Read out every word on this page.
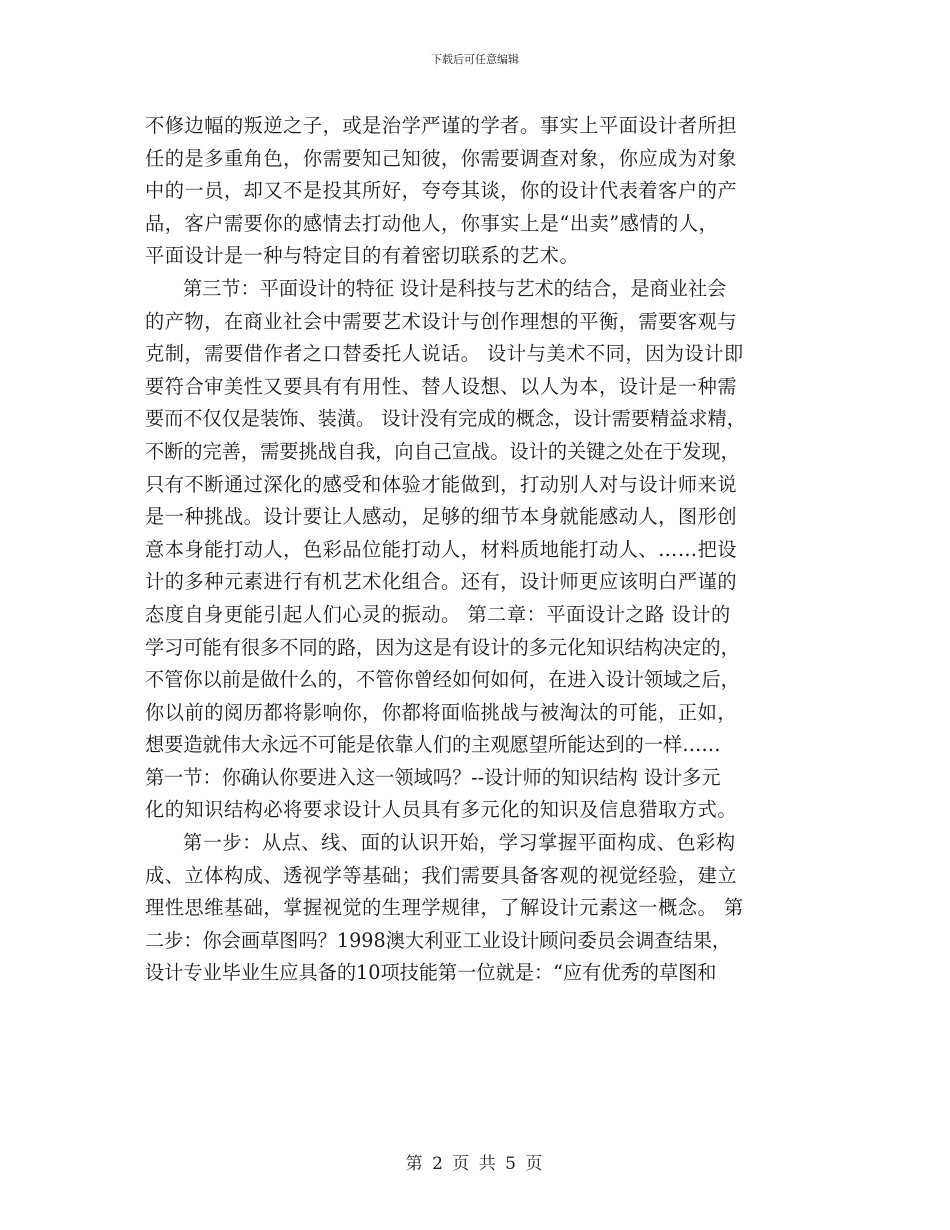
下载后可任意编辑
不修边幅的叛逆之子，或是治学严谨的学者。事实上平面设计者所担
任的是多重角色，你需要知己知彼，你需要调查对象，你应成为对象
中的一员，却又不是投其所好，夸夸其谈，你的设计代表着客户的产
品，客户需要你的感情去打动他人，你事实上是“出卖”感情的人，
平面设计是一种与特定目的有着密切联系的艺术。
第三节：平面设计的特征 设计是科技与艺术的结合，是商业社会
的产物，在商业社会中需要艺术设计与创作理想的平衡，需要客观与
克制，需要借作者之口替委托人说话。 设计与美术不同，因为设计即
要符合审美性又要具有有用性、替人设想、以人为本，设计是一种需
要而不仅仅是装饰、装潢。 设计没有完成的概念，设计需要精益求精，
不断的完善，需要挑战自我，向自己宣战。设计的关键之处在于发现，
只有不断通过深化的感受和体验才能做到，打动别人对与设计师来说
是一种挑战。设计要让人感动，足够的细节本身就能感动人，图形创
意本身能打动人，色彩品位能打动人，材料质地能打动人、……把设
计的多种元素进行有机艺术化组合。还有，设计师更应该明白严谨的
态度自身更能引起人们心灵的振动。 第二章：平面设计之路 设计的
学习可能有很多不同的路，因为这是有设计的多元化知识结构决定的，
不管你以前是做什么的，不管你曾经如何如何，在进入设计领域之后，
你以前的阅历都将影响你，你都将面临挑战与被淘汰的可能，正如，
想要造就伟大永远不可能是依靠人们的主观愿望所能达到的一样……
第一节：你确认你要进入这一领域吗？--设计师的知识结构 设计多元
化的知识结构必将要求设计人员具有多元化的知识及信息猎取方式。
第一步：从点、线、面的认识开始，学习掌握平面构成、色彩构
成、立体构成、透视学等基础；我们需要具备客观的视觉经验，建立
理性思维基础，掌握视觉的生理学规律，了解设计元素这一概念。 第
二步：你会画草图吗？1998澳大利亚工业设计顾问委员会调查结果，
设计专业毕业生应具备的10项技能第一位就是：“应有优秀的草图和
第 2 页 共 5 页
